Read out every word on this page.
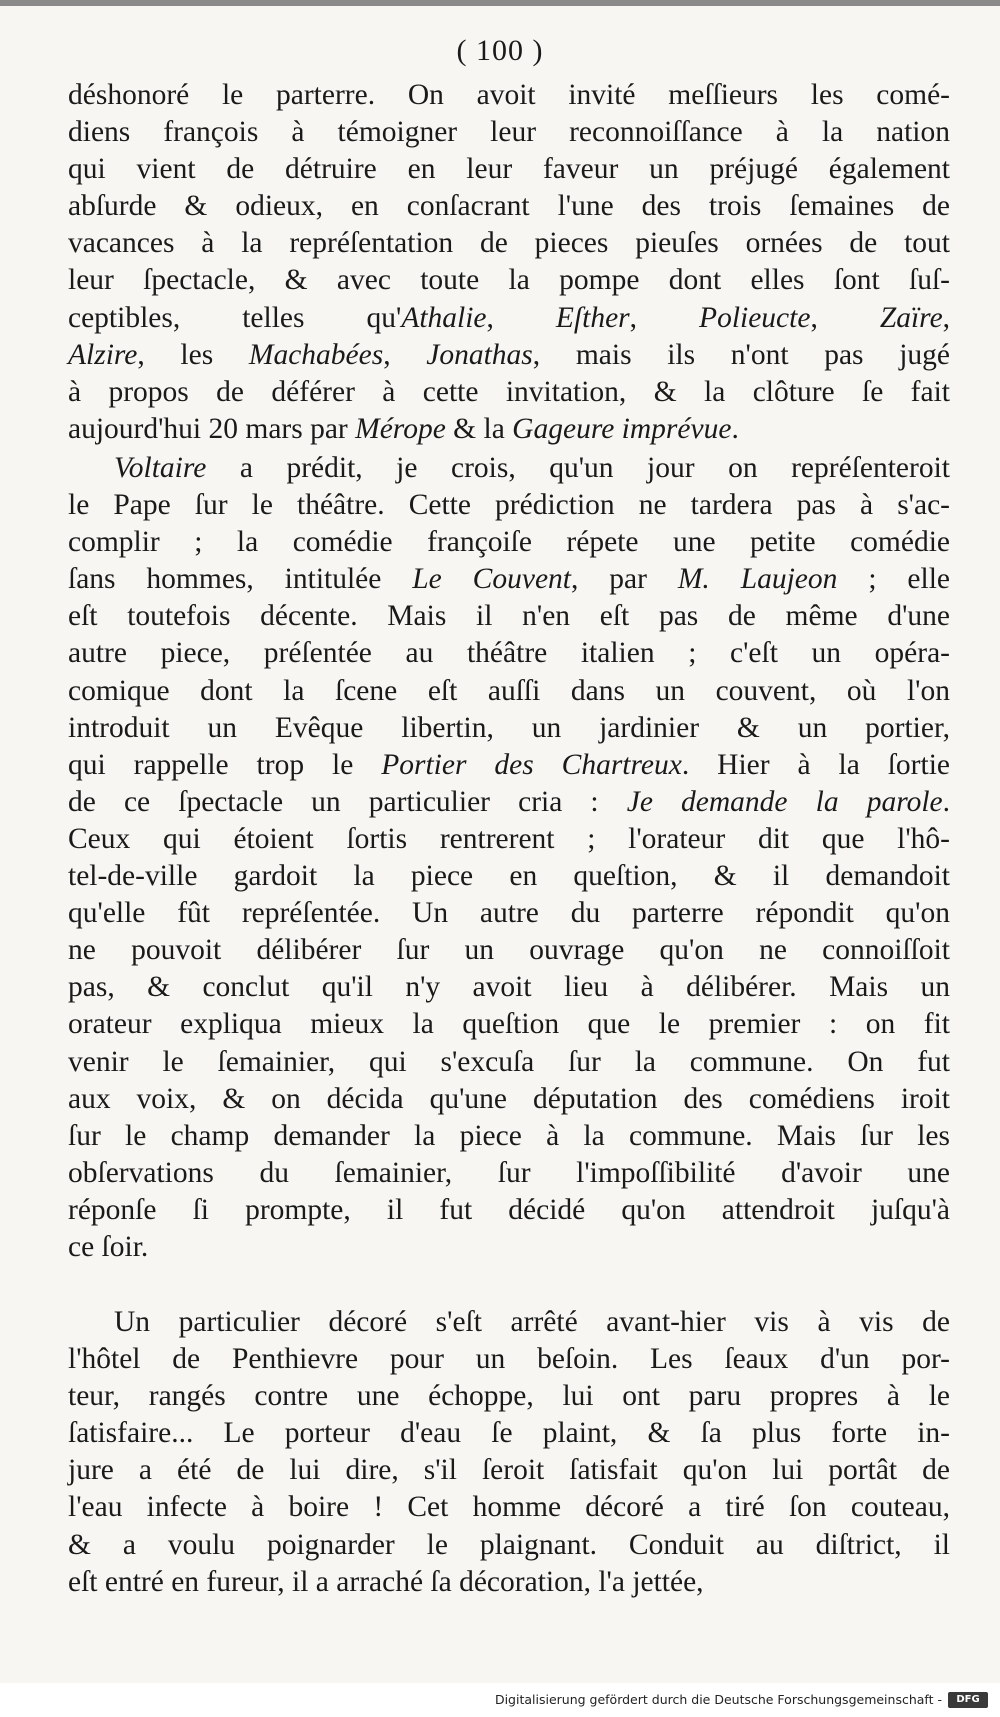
( 100 )
déshonoré le parterre. On avoit invité meſſieurs les comé-
diens françois à témoigner leur reconnoiſſance à la nation
qui vient de détruire en leur faveur un préjugé également
abſurde & odieux, en conſacrant l'une des trois ſemaines de
vacances à la repréſentation de pieces pieuſes ornées de tout
leur ſpectacle, & avec toute la pompe dont elles ſont ſuſ-
ceptibles, telles qu'Athalie, Eſther, Polieucte, Zaïre,
Alzire, les Machabées, Jonathas, mais ils n'ont pas jugé
à propos de déférer à cette invitation, & la clôture ſe fait
aujourd'hui 20 mars par Mérope & la Gageure imprévue.
Voltaire a prédit, je crois, qu'un jour on repréſenteroit
le Pape ſur le théâtre. Cette prédiction ne tardera pas à s'ac-
complir ; la comédie françoiſe répete une petite comédie
ſans hommes, intitulée Le Couvent, par M. Laujeon ; elle
eſt toutefois décente. Mais il n'en eſt pas de même d'une
autre piece, préſentée au théâtre italien ; c'eſt un opéra-
comique dont la ſcene eſt auſſi dans un couvent, où l'on
introduit un Evêque libertin, un jardinier & un portier,
qui rappelle trop le Portier des Chartreux. Hier à la ſortie
de ce ſpectacle un particulier cria : Je demande la parole.
Ceux qui étoient ſortis rentrerent ; l'orateur dit que l'hô-
tel-de-ville gardoit la piece en queſtion, & il demandoit
qu'elle fût repréſentée. Un autre du parterre répondit qu'on
ne pouvoit délibérer ſur un ouvrage qu'on ne connoiſſoit
pas, & conclut qu'il n'y avoit lieu à délibérer. Mais un
orateur expliqua mieux la queſtion que le premier : on fit
venir le ſemainier, qui s'excuſa ſur la commune. On fut
aux voix, & on décida qu'une députation des comédiens iroit
ſur le champ demander la piece à la commune. Mais ſur les
obſervations du ſemainier, ſur l'impoſſibilité d'avoir une
réponſe ſi prompte, il fut décidé qu'on attendroit juſqu'à
ce ſoir.
Un particulier décoré s'eſt arrêté avant-hier vis à vis de
l'hôtel de Penthievre pour un beſoin. Les ſeaux d'un por-
teur, rangés contre une échoppe, lui ont paru propres à le
ſatisfaire... Le porteur d'eau ſe plaint, & ſa plus forte in-
jure a été de lui dire, s'il ſeroit ſatisfait qu'on lui portât de
l'eau infecte à boire ! Cet homme décoré a tiré ſon couteau,
& a voulu poignarder le plaignant. Conduit au diſtrict, il
eſt entré en fureur, il a arraché ſa décoration, l'a jettée,
Digitalisierung gefördert durch die Deutsche Forschungsgemeinschaft -	DFG
